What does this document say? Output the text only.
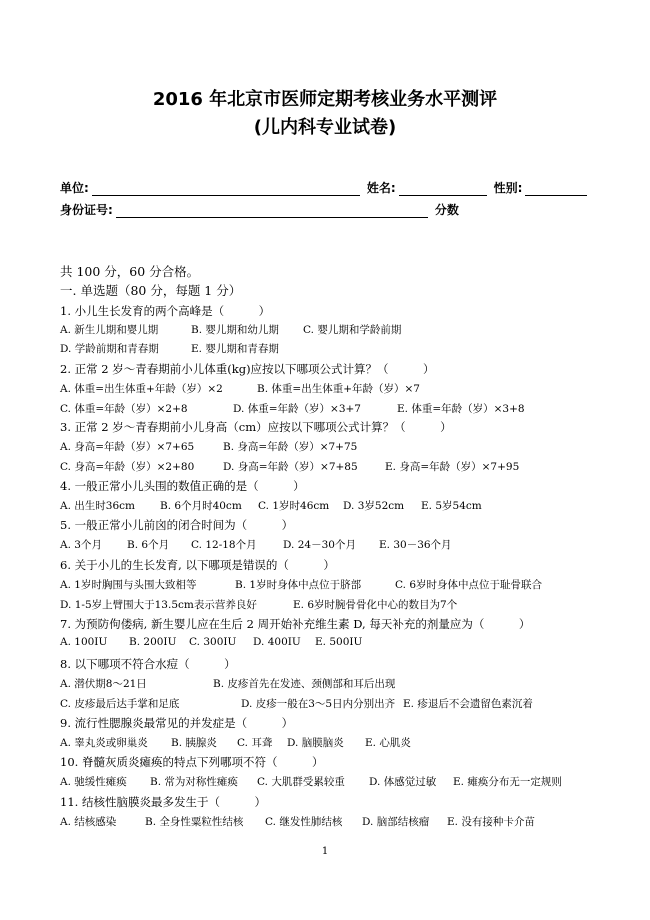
2016 年北京市医师定期考核业务水平测评
(儿内科专业试卷)
单位:	姓名:	性别:
身份证号:	分数
共 100 分，60 分合格。
一. 单选题（80 分，每题 1 分）
1. 小儿生长发育的两个高峰是（　　　）
A. 新生儿期和婴儿期	B. 婴儿期和幼儿期 C. 婴儿期和学龄前期
D. 学龄前期和青春期	E. 婴儿期和青春期
2. 正常 2 岁～青春期前小儿体重(kg)应按以下哪项公式计算？（　　　）
A. 体重=出生体重+年龄（岁）×2	B. 体重=出生体重+年龄（岁）×7
C. 体重=年龄（岁）×2+8	D. 体重=年龄（岁）×3+7	E. 体重=年龄（岁）×3+8
3. 正常 2 岁～青春期前小儿身高（cm）应按以下哪项公式计算？（　　　）
A. 身高=年龄（岁）×7+65	B. 身高=年龄（岁）×7+75
C. 身高=年龄（岁）×2+80	D. 身高=年龄（岁）×7+85	E. 身高=年龄（岁）×7+95
4. 一般正常小儿头围的数值正确的是（　　　）
A. 出生时36cm B. 6个月时40cm C. 1岁时46cm D. 3岁52cm E. 5岁54cm
5. 一般正常小儿前囟的闭合时间为（　　　）
A. 3个月 B. 6个月 C. 12-18个月	D. 24－30个月 E. 30－36个月
6. 关于小儿的生长发育, 以下哪项是错误的（　　　）
A. 1岁时胸围与头围大致相等	B. 1岁时身体中点位于脐部	C. 6岁时身体中点位于耻骨联合
D. 1-5岁上臂围大于13.5cm表示营养良好	E. 6岁时腕骨骨化中心的数目为7个
7. 为预防佝偻病, 新生婴儿应在生后 2 周开始补充维生素 D, 每天补充的剂量应为（　　　）
A. 100IU B. 200IU C. 300IU D. 400IU E. 500IU
8. 以下哪项不符合水痘（　　　）
A. 潜伏期8～21日	B. 皮疹首先在发迹、颈侧部和耳后出现
C. 皮疹最后达手掌和足底	D. 皮疹一般在3～5日内分别出齐 E. 疹退后不会遗留色素沉着
9. 流行性腮腺炎最常见的并发症是（　　　）
A. 睾丸炎或卵巢炎 B. 胰腺炎 C. 耳聋 D. 脑膜脑炎 E. 心肌炎
10. 脊髓灰质炎瘫痪的特点下列哪项不符（　　　）
A. 驰缓性瘫痪 B. 常为对称性瘫痪 C. 大肌群受累较重 D. 体感觉过敏 E. 瘫痪分布无一定规则
11. 结核性脑膜炎最多发生于（　　　）
A. 结核感染	B. 全身性粟粒性结核 C. 继发性肺结核 D. 脑部结核瘤 E. 没有接种卡介苗
1
